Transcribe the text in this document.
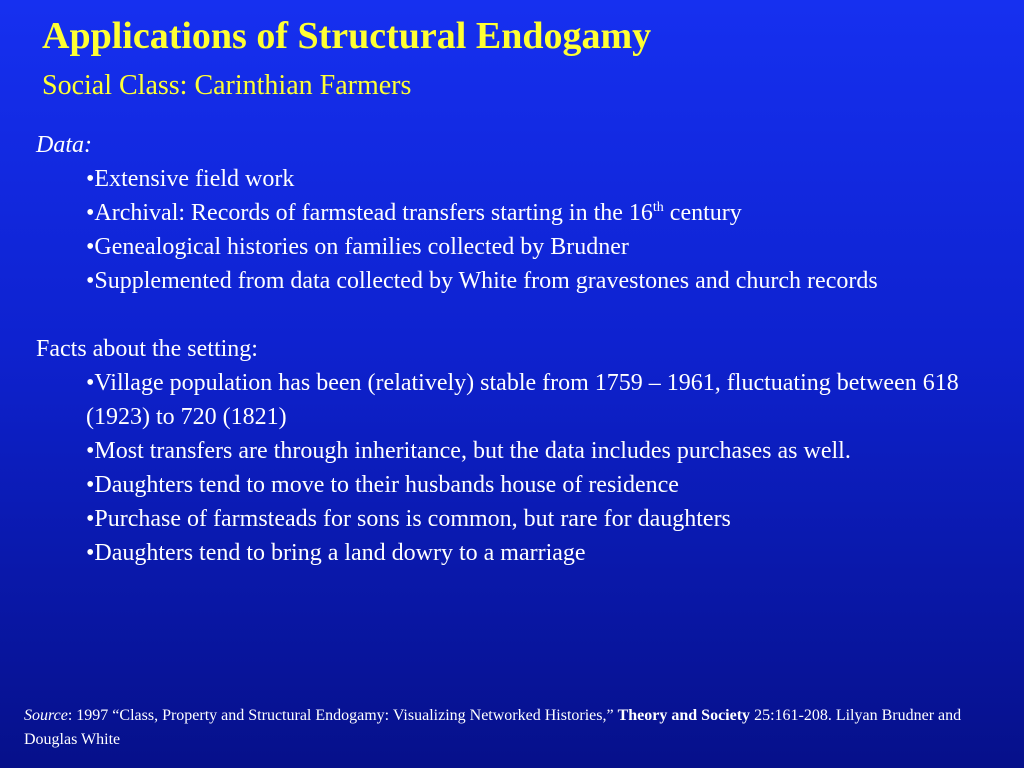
Applications of Structural Endogamy
Social Class: Carinthian Farmers
Data:
•Extensive field work
•Archival: Records of farmstead transfers starting in the 16th century
•Genealogical histories on families collected by Brudner
•Supplemented from data collected by White from gravestones and church records
Facts about the setting:
•Village population has been (relatively) stable from 1759 – 1961, fluctuating between 618 (1923) to 720 (1821)
•Most transfers are through inheritance, but the data includes purchases as well.
•Daughters tend to move to their husbands house of residence
•Purchase of farmsteads for sons is common, but rare for daughters
•Daughters tend to bring a land dowry to a marriage
Source: 1997 “Class, Property and Structural Endogamy: Visualizing Networked Histories,” Theory and Society 25:161-208. Lilyan Brudner and Douglas White
